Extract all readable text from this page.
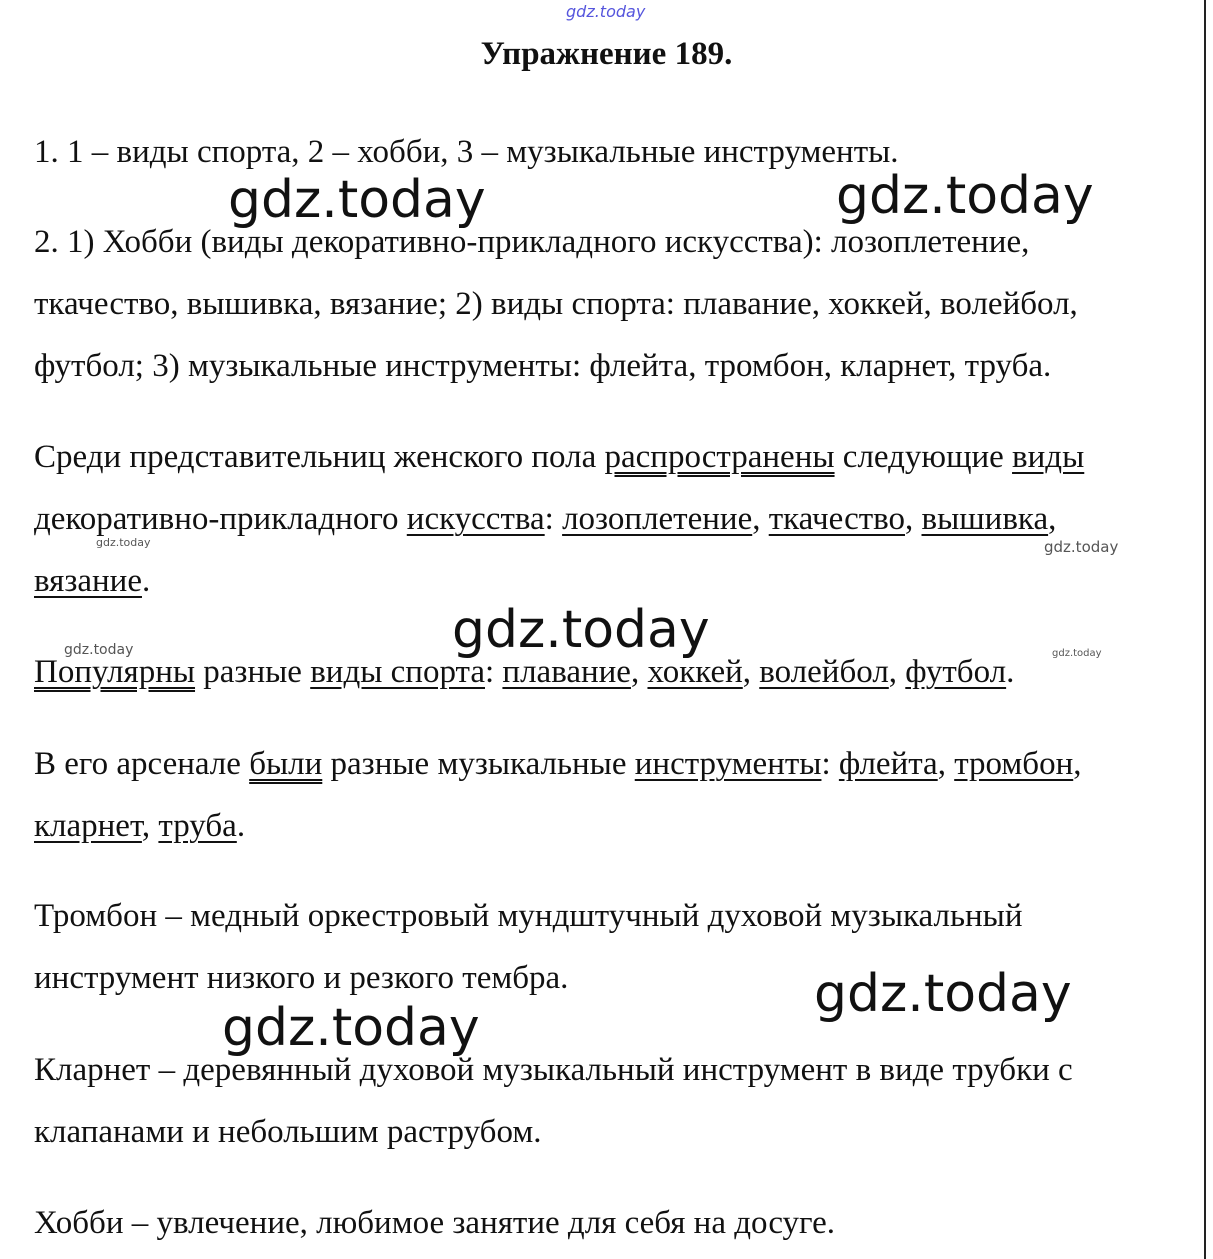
gdz.today
Упражнение 189.
1. 1 – виды спорта, 2 – хобби, 3 – музыкальные инструменты.
2. 1) Хобби (виды декоративно-прикладного искусства): лозоплетение,
ткачество, вышивка, вязание; 2) виды спорта: плавание, хоккей, волейбол,
футбол; 3) музыкальные инструменты: флейта, тромбон, кларнет, труба.
Среди представительниц женского пола распространены следующие виды
декоративно-прикладного искусства: лозоплетение, ткачество, вышивка,
вязание.
Популярны разные виды спорта: плавание, хоккей, волейбол, футбол.
В его арсенале были разные музыкальные инструменты: флейта, тромбон,
кларнет, труба.
Тромбон – медный оркестровый мундштучный духовой музыкальный
инструмент низкого и резкого тембра.
Кларнет – деревянный духовой музыкальный инструмент в виде трубки с
клапанами и небольшим раструбом.
Хобби – увлечение, любимое занятие для себя на досуге.
gdz.today	gdz.today
gdz.today
gdz.today
gdz.today
gdz.today	gdz.today
gdz.today	gdz.today
